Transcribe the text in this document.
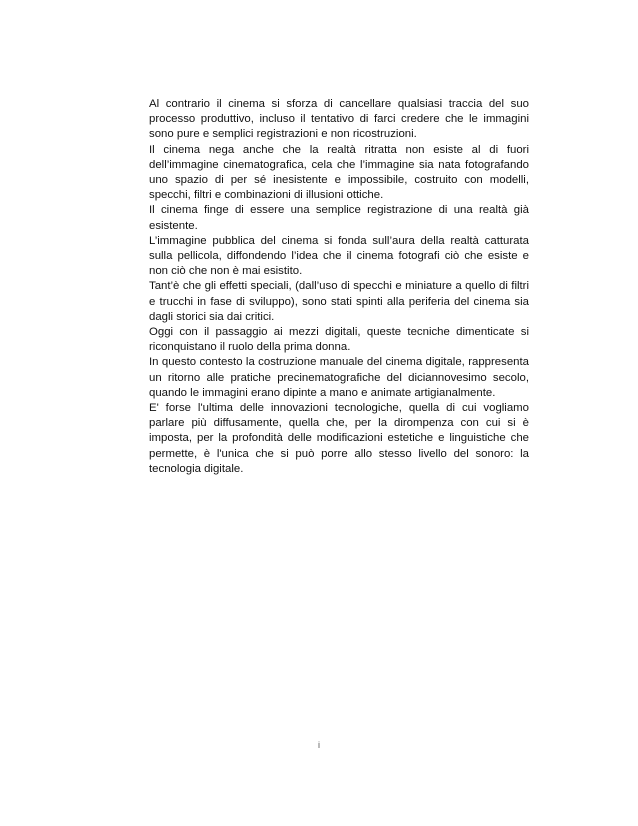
Al contrario il cinema si sforza di cancellare qualsiasi traccia del suo processo produttivo, incluso il tentativo di farci credere che le immagini sono pure e semplici registrazioni e non ricostruzioni.

Il cinema nega anche che la realtà ritratta non esiste al di fuori dell’immagine cinematografica, cela che l’immagine sia nata fotografando uno spazio di per sé inesistente e impossibile, costruito con modelli, specchi, filtri e combinazioni di illusioni ottiche.

Il cinema finge di essere una semplice registrazione di una realtà già esistente.

L’immagine pubblica del cinema si fonda sull’aura della realtà catturata sulla pellicola, diffondendo l’idea che il cinema fotografi ciò che esiste e non ciò che non è mai esistito.

Tant’è che gli effetti speciali, (dall’uso di specchi e miniature a quello di filtri e trucchi in fase di sviluppo), sono stati spinti alla periferia del cinema sia dagli storici sia dai critici.

Oggi con il passaggio ai mezzi digitali, queste tecniche dimenticate si riconquistano il ruolo della prima donna.

In questo contesto la costruzione manuale del cinema digitale, rappresenta un ritorno alle pratiche precinematografiche del diciannovesimo secolo, quando le immagini erano dipinte a mano e animate artigianalmente.

E' forse l'ultima delle innovazioni tecnologiche, quella di cui vogliamo parlare più diffusamente, quella che, per la dirompenza con cui si è imposta, per la profondità delle modificazioni estetiche e linguistiche che permette, è l'unica che si può porre allo stesso livello del sonoro: la tecnologia digitale.

i
